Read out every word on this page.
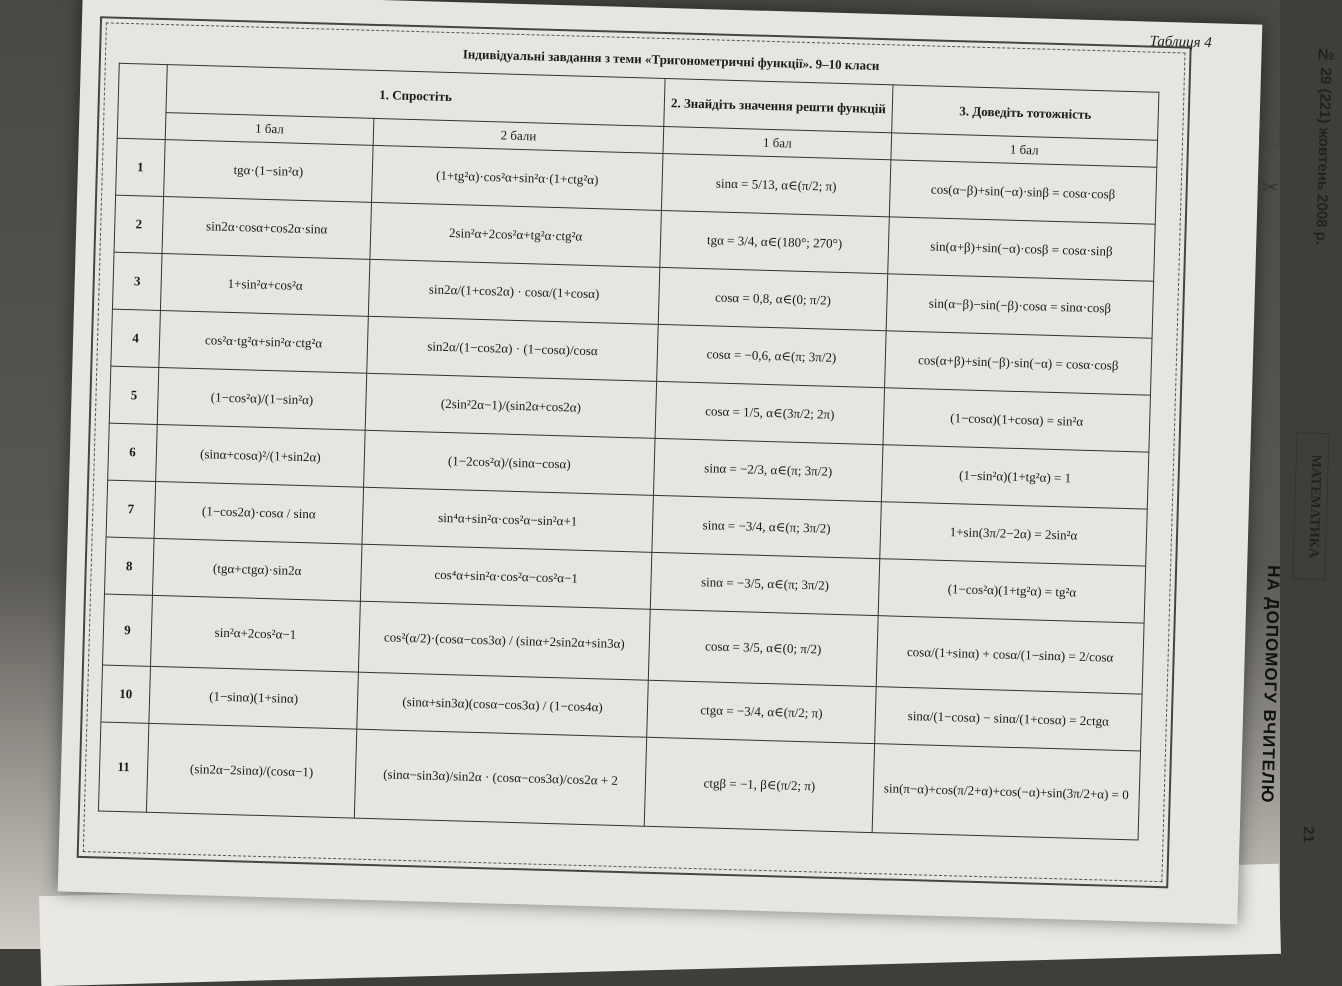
Таблиця 4
Індивідуальні завдання з теми «Тригонометричні функції». 9–10 класи
	1. Спростіть		2. Знайдіть значення решти функцій	3. Доведіть тотожність
	1 бал	2 бали	1 бал	1 бал
1	tgα·(1−sin²α)	(1+tg²α)·cos²α+sin²α·(1+ctg²α)	sinα = 5/13, α∈(π/2; π)	cos(α−β)+sin(−α)·sinβ = cosα·cosβ
2	sin2α·cosα+cos2α·sinα	2sin²α+2cos²α+tg²α·ctg²α	tgα = 3/4, α∈(180°; 270°)	sin(α+β)+sin(−α)·cosβ = cosα·sinβ
3	1+sin²α+cos²α	sin2α/(1+cos2α) · cosα/(1+cosα)	cosα = 0,8, α∈(0; π/2)	sin(α−β)−sin(−β)·cosα = sinα·cosβ
4	cos²α·tg²α+sin²α·ctg²α	sin2α/(1−cos2α) · (1−cosα)/cosα	cosα = −0,6, α∈(π; 3π/2)	cos(α+β)+sin(−β)·sin(−α) = cosα·cosβ
5	(1−cos²α)/(1−sin²α)	(2sin²2α−1)/(sin2α+cos2α)	cosα = 1/5, α∈(3π/2; 2π)	(1−cosα)(1+cosα) = sin²α
6	(sinα+cosα)²/(1+sin2α)	(1−2cos²α)/(sinα−cosα)	sinα = −2/3, α∈(π; 3π/2)	(1−sin²α)(1+tg²α) = 1
7	(1−cos2α)·cosα / sinα	sin⁴α+sin²α·cos²α−sin²α+1	sinα = −3/4, α∈(π; 3π/2)	1+sin(3π/2−2α) = 2sin²α
8	(tgα+ctgα)·sin2α	cos⁴α+sin²α·cos²α−cos²α−1	sinα = −3/5, α∈(π; 3π/2)	(1−cos²α)(1+tg²α) = tg²α
9	sin²α+2cos²α−1	cos²(α/2)·(cosα−cos3α) / (sinα+2sin2α+sin3α)	cosα = 3/5, α∈(0; π/2)	cosα/(1+sinα) + cosα/(1−sinα) = 2/cosα
10	(1−sinα)(1+sinα)	(sinα+sin3α)(cosα−cos3α) / (1−cos4α)	ctgα = −3/4, α∈(π/2; π)	sinα/(1−cosα) − sinα/(1+cosα) = 2ctgα
11	(sin2α−2sinα)/(cosα−1)	(sinα−sin3α)/sin2α · (cosα−cos3α)/cos2α + 2	ctgβ = −1, β∈(π/2; π)	sin(π−α)+cos(π/2+α)+cos(−α)+sin(3π/2+α) = 0
✂ № 29 (221) жовтень 2008 р.
МАТЕМАТИКА
НА ДОПОМОГУ ВЧИТЕЛЮ
21
